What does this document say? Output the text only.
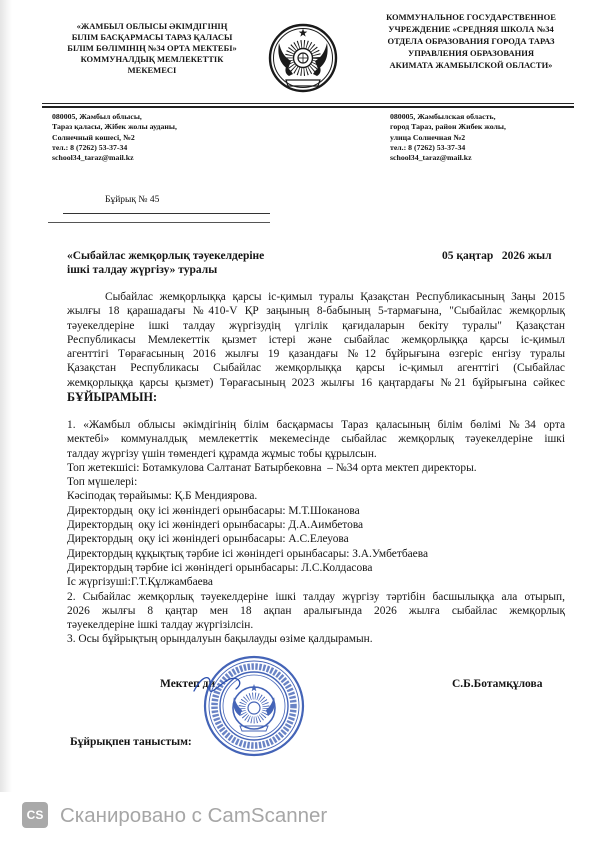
«ЖАМБЫЛ ОБЛЫСЫ ӘКІМДІГІНІҢ
БІЛІМ БАСҚАРМАСЫ ТАРАЗ ҚАЛАСЫ
БІЛІМ БӨЛІМІНІҢ №34 ОРТА МЕКТЕБІ»
КОММУНАЛДЫҚ МЕМЛЕКЕТТІК
МЕКЕМЕСІ
КОММУНАЛЬНОЕ ГОСУДАРСТВЕННОЕ
УЧРЕЖДЕНИЕ «СРЕДНЯЯ ШКОЛА №34
ОТДЕЛА ОБРАЗОВАНИЯ ГОРОДА ТАРАЗ
УПРАВЛЕНИЯ ОБРАЗОВАНИЯ
АКИМАТА ЖАМБЫЛСКОЙ ОБЛАСТИ»
080005, Жамбыл облысы,
Тараз қаласы, Жібек жолы ауданы,
Солнечный көшесі, №2
тел.: 8 (7262) 53-37-34
school34_taraz@mail.kz
080005, Жамбылская область,
город Тараз, район Жибек жолы,
улица Солнечная №2
тел.: 8 (7262) 53-37-34
school34_taraz@mail.kz
Бұйрық № 45
«Сыбайлас жемқорлық тәуекелдеріне
ішкі талдау жүргізу» туралы
05 қаңтар   2026 жыл
Сыбайлас жемқорлыққа қарсы іс-қимыл туралы Қазақстан Республикасының Заңы 2015
жылғы 18 қарашадағы №410-V ҚР заңының 8-бабының 5-тармағына, "Сыбайлас жемқорлық
тәуекелдеріне ішкі талдау жүргізудің үлгілік қағидаларын бекіту туралы" Қазақстан
Республикасы Мемлекеттік қызмет істері және сыбайлас жемқорлыққа қарсы іс-қимыл
агенттігі Төрағасының 2016 жылғы 19 қазандағы №12 бұйрығына өзгеріс енгізу туралы
Қазақстан Республикасы Сыбайлас жемқорлыққа қарсы іс-қимыл агенттігі (Сыбайлас
жемқорлыққа қарсы қызмет) Төрағасының 2023 жылғы 16 қаңтардағы №21 бұйрығына сәйкес
БҰЙЫРАМЫН:
1. «Жамбыл облысы әкімдігінің білім басқармасы Тараз қаласының білім бөлімі №34 орта
мектебі» коммуналдық мемлекеттік мекемесінде сыбайлас жемқорлық тәуекелдеріне ішкі
талдау жүргізу үшін төмендегі құрамда жұмыс тобы құрылсын.
Топ жетекшісі: Ботамкулова Салтанат Батырбековна  – №34 орта мектеп директоры.
Топ мүшелері:
Кәсіподақ төрайымы: Қ.Б Мендиярова.
Директордың  оқу ісі жөніндегі орынбасары: М.Т.Шоканова
Директордың  оқу ісі жөніндегі орынбасары: Д.А.Аимбетова
Директордың  оқу ісі жөніндегі орынбасары: А.С.Елеуова
Директордың құқықтық тәрбие ісі жөніндегі орынбасары: З.А.Умбетбаева
Директордың тәрбие ісі жөніндегі орынбасары: Л.С.Колдасова
Іс жүргізуші:Г.Т.Құлжамбаева
2. Сыбайлас жемқорлық тәуекелдеріне ішкі талдау жүргізу тәртібін басшылыққа ала отырып,
2026 жылғы 8 қаңтар мен 18 ақпан аралығында 2026 жылға сыбайлас жемқорлық
тәуекелдеріне ішкі талдау жүргізілсін.
3. Осы бұйрықтың орындалуын бақылауды өзіме қалдырамын.
Мектеп ди	С.Б.Ботамқұлова
Бұйрықпен таныстым:
CS Сканировано с CamScanner
